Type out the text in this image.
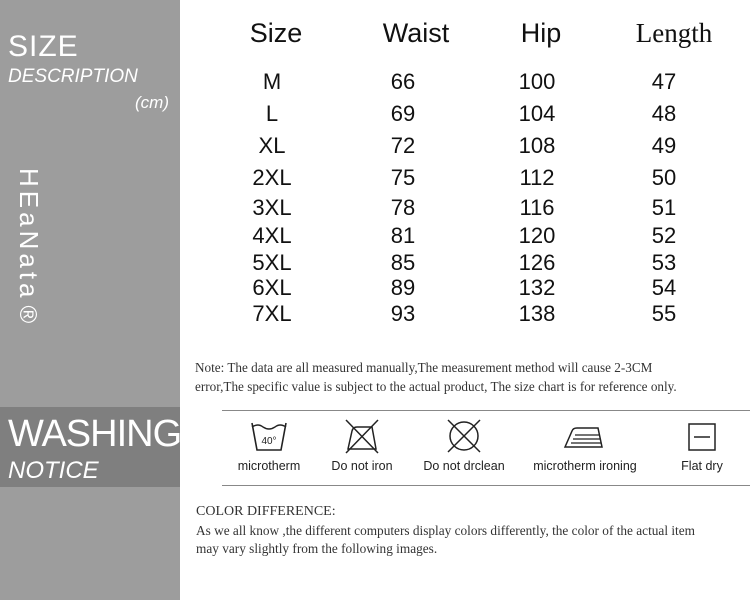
SIZE
DESCRIPTION
(cm)
HEaNata®
WASHING
NOTICE
Size	Waist	Hip	Length
M	66	100	47
L	69	104	48
XL	72	108	49
2XL	75	112	50
3XL	78	116	51
4XL	81	120	52
5XL	85	126	53
6XL	89	132	54
7XL	93	138	55
Note: The data are all measured manually,The measurement method will cause 2-3CM
error,The specific value is subject to the actual product, The size chart is for reference only.
40°
microtherm	Do not iron	Do not drclean	microtherm ironing	Flat dry
COLOR DIFFERENCE:
As we all know ,the different computers display colors differently, the color of the actual item
may vary slightly from the following images.
